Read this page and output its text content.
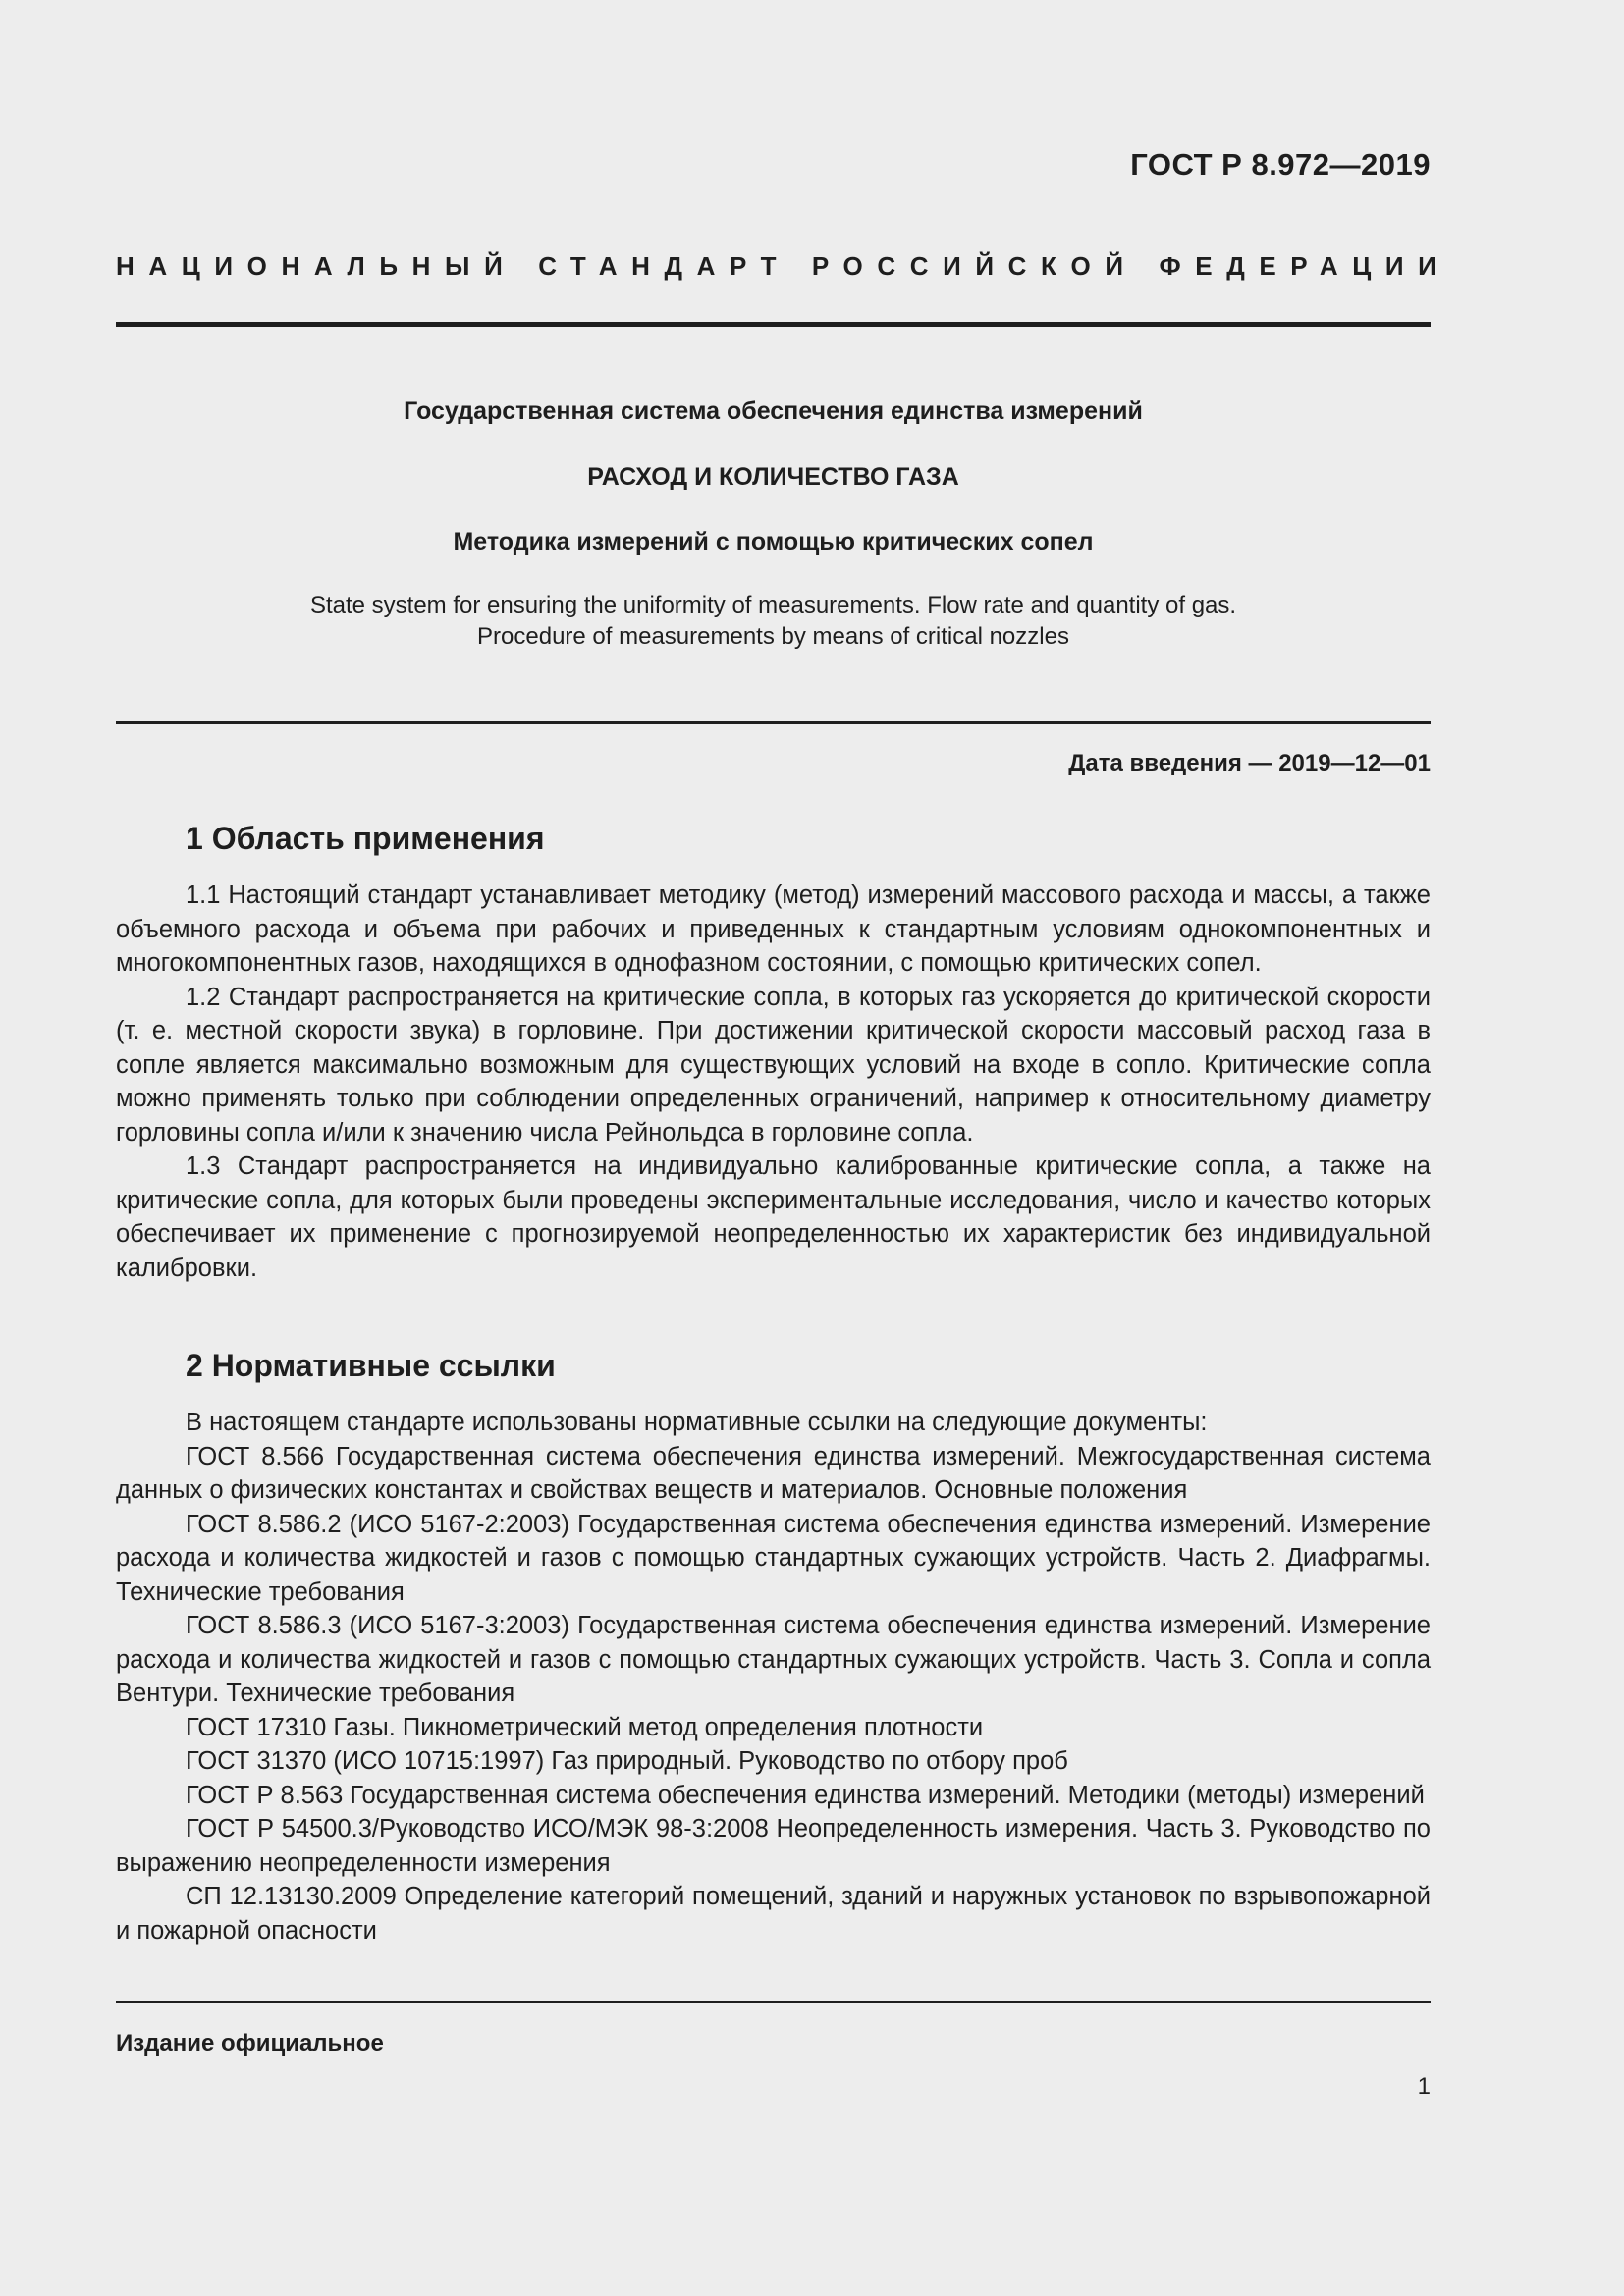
ГОСТ Р 8.972—2019
НАЦИОНАЛЬНЫЙ СТАНДАРТ РОССИЙСКОЙ ФЕДЕРАЦИИ
Государственная система обеспечения единства измерений
РАСХОД И КОЛИЧЕСТВО ГАЗА
Методика измерений с помощью критических сопел
State system for ensuring the uniformity of measurements. Flow rate and quantity of gas.
Procedure of measurements by means of critical nozzles
Дата введения — 2019—12—01
1 Область применения

1.1 Настоящий стандарт устанавливает методику (метод) измерений массового расхода и массы, а также объемного расхода и объема при рабочих и приведенных к стандартным условиям однокомпонентных и многокомпонентных газов, находящихся в однофазном состоянии, с помощью критических сопел.

1.2 Стандарт распространяется на критические сопла, в которых газ ускоряется до критической скорости (т. е. местной скорости звука) в горловине. При достижении критической скорости массовый расход газа в сопле является максимально возможным для существующих условий на входе в сопло. Критические сопла можно применять только при соблюдении определенных ограничений, например к относительному диаметру горловины сопла и/или к значению числа Рейнольдса в горловине сопла.

1.3 Стандарт распространяется на индивидуально калиброванные критические сопла, а также на критические сопла, для которых были проведены экспериментальные исследования, число и качество которых обеспечивает их применение с прогнозируемой неопределенностью их характеристик без индивидуальной калибровки.

2 Нормативные ссылки

В настоящем стандарте использованы нормативные ссылки на следующие документы:

ГОСТ 8.566 Государственная система обеспечения единства измерений. Межгосударственная система данных о физических константах и свойствах веществ и материалов. Основные положения

ГОСТ 8.586.2 (ИСО 5167-2:2003) Государственная система обеспечения единства измерений. Измерение расхода и количества жидкостей и газов с помощью стандартных сужающих устройств. Часть 2. Диафрагмы. Технические требования

ГОСТ 8.586.3 (ИСО 5167-3:2003) Государственная система обеспечения единства измерений. Измерение расхода и количества жидкостей и газов с помощью стандартных сужающих устройств. Часть 3. Сопла и сопла Вентури. Технические требования

ГОСТ 17310 Газы. Пикнометрический метод определения плотности

ГОСТ 31370 (ИСО 10715:1997) Газ природный. Руководство по отбору проб

ГОСТ Р 8.563 Государственная система обеспечения единства измерений. Методики (методы) измерений

ГОСТ Р 54500.3/Руководство ИСО/МЭК 98-3:2008 Неопределенность измерения. Часть 3. Руководство по выражению неопределенности измерения

СП 12.13130.2009 Определение категорий помещений, зданий и наружных установок по взрывопожарной и пожарной опасности

Издание официальное
1
